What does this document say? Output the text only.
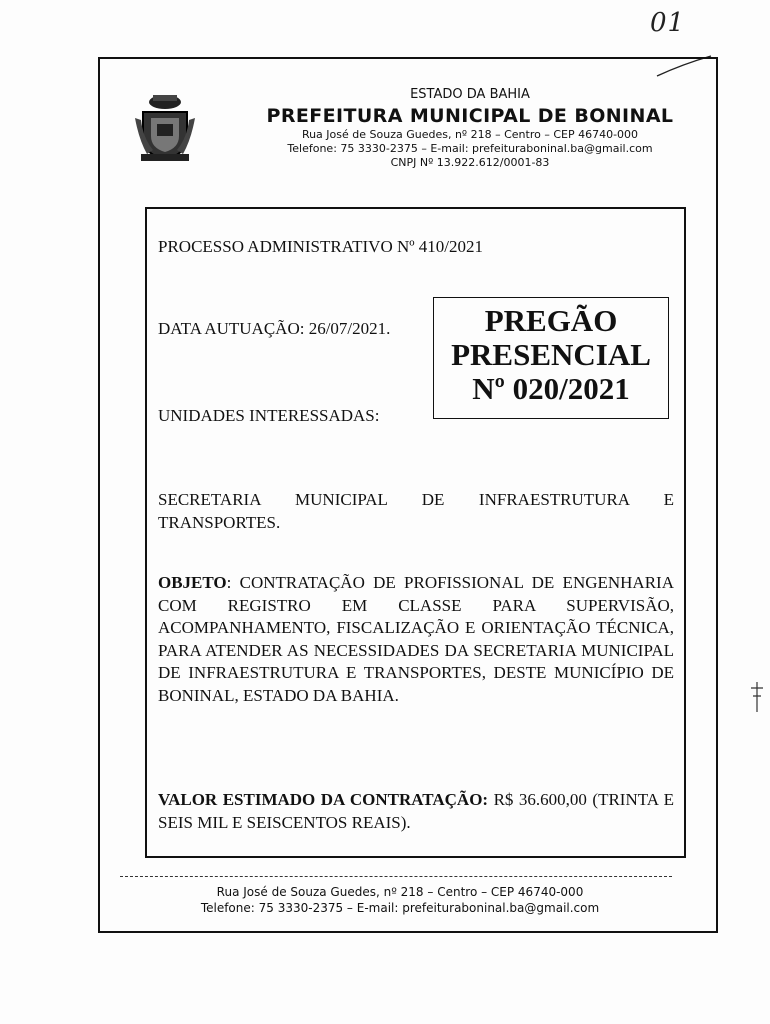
01
ESTADO DA BAHIA
PREFEITURA MUNICIPAL DE BONINAL
Rua José de Souza Guedes, nº 218 – Centro – CEP 46740-000
Telefone: 75 3330-2375 – E-mail: prefeituraboninal.ba@gmail.com
CNPJ Nº 13.922.612/0001-83
PROCESSO ADMINISTRATIVO Nº 410/2021
DATA AUTUAÇÃO: 26/07/2021.
UNIDADES INTERESSADAS:
PREGÃO
PRESENCIAL
Nº 020/2021
SECRETARIA MUNICIPAL DE INFRAESTRUTURA E TRANSPORTES.
OBJETO: CONTRATAÇÃO DE PROFISSIONAL DE ENGENHARIA COM REGISTRO EM CLASSE PARA SUPERVISÃO, ACOMPANHAMENTO, FISCALIZAÇÃO E ORIENTAÇÃO TÉCNICA, PARA ATENDER AS NECESSIDADES DA SECRETARIA MUNICIPAL DE INFRAESTRUTURA E TRANSPORTES, DESTE MUNICÍPIO DE BONINAL, ESTADO DA BAHIA.
VALOR ESTIMADO DA CONTRATAÇÃO: R$ 36.600,00 (TRINTA E SEIS MIL E SEISCENTOS REAIS).
Rua José de Souza Guedes, nº 218 – Centro – CEP 46740-000
Telefone: 75 3330-2375 – E-mail: prefeituraboninal.ba@gmail.com
